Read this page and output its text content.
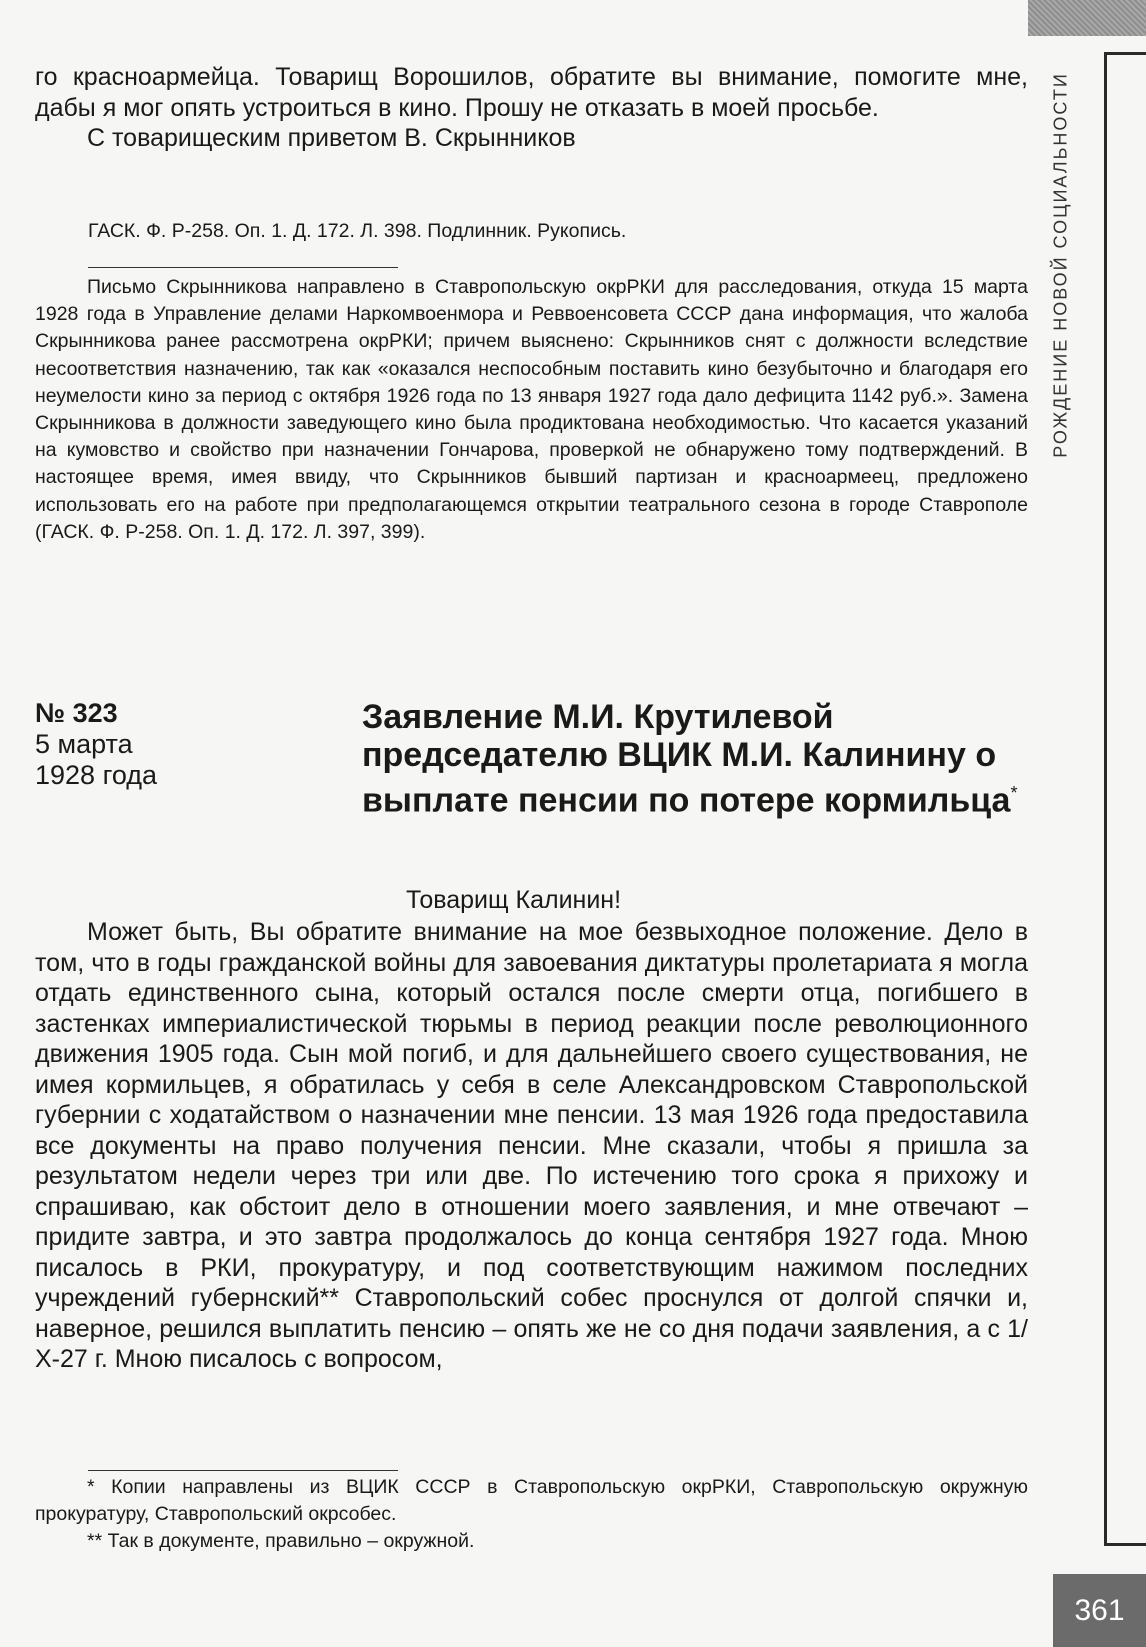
РОЖДЕНИЕ НОВОЙ СОЦИАЛЬНОСТИ

го красноармейца. Товарищ Ворошилов, обратите вы внимание, помогите мне, дабы я мог опять устроиться в кино. Прошу не отказать в моей просьбе.

С товарищеским приветом В. Скрынников

ГАСК. Ф. Р-258. Оп. 1. Д. 172. Л. 398. Подлинник. Рукопись.

Письмо Скрынникова направлено в Ставропольскую окрРКИ для расследования, откуда 15 марта 1928 года в Управление делами Наркомвоенмора и Реввоенсовета СССР дана информация, что жалоба Скрынникова ранее рассмотрена окрРКИ; причем выяснено: Скрынников снят с должности вследствие несоответствия назначению, так как «оказался неспособным поставить кино безубыточно и благодаря его неумелости кино за период с октября 1926 года по 13 января 1927 года дало дефицита 1142 руб.». Замена Скрынникова в должности заведующего кино была продиктована необходимостью. Что касается указаний на кумовство и свойство при назначении Гончарова, проверкой не обнаружено тому подтверждений. В настоящее время, имея ввиду, что Скрынников бывший партизан и красноармеец, предложено использовать его на работе при предполагающемся открытии театрального сезона в городе Ставрополе (ГАСК. Ф. Р-258. Оп. 1. Д. 172. Л. 397, 399).

№ 323

5 марта

1928 года

Заявление М.И. Крутилевой председателю ВЦИК М.И. Калинину о выплате пенсии по потере кормильца*

Товарищ Калинин!

Может быть, Вы обратите внимание на мое безвыходное положение. Дело в том, что в годы гражданской войны для завоевания диктатуры пролетариата я могла отдать единственного сына, который остался после смерти отца, погибшего в застенках империалистической тюрьмы в период реакции после революционного движения 1905 года. Сын мой погиб, и для дальнейшего своего существования, не имея кормильцев, я обратилась у себя в селе Александровском Ставропольской губернии с ходатайством о назначении мне пенсии. 13 мая 1926 года предоставила все документы на право получения пенсии. Мне сказали, чтобы я пришла за результатом недели через три или две. По истечению того срока я прихожу и спрашиваю, как обстоит дело в отношении моего заявления, и мне отвечают – придите завтра, и это завтра продолжалось до конца сентября 1927 года. Мною писалось в РКИ, прокуратуру, и под соответствующим нажимом последних учреждений губернский** Ставропольский собес проснулся от долгой спячки и, наверное, решился выплатить пенсию – опять же не со дня подачи заявления, а с 1/Х-27 г. Мною писалось с вопросом,

* Копии направлены из ВЦИК СССР в Ставропольскую окрРКИ, Ставропольскую окружную прокуратуру, Ставропольский окрсобес.

** Так в документе, правильно – окружной.

361
